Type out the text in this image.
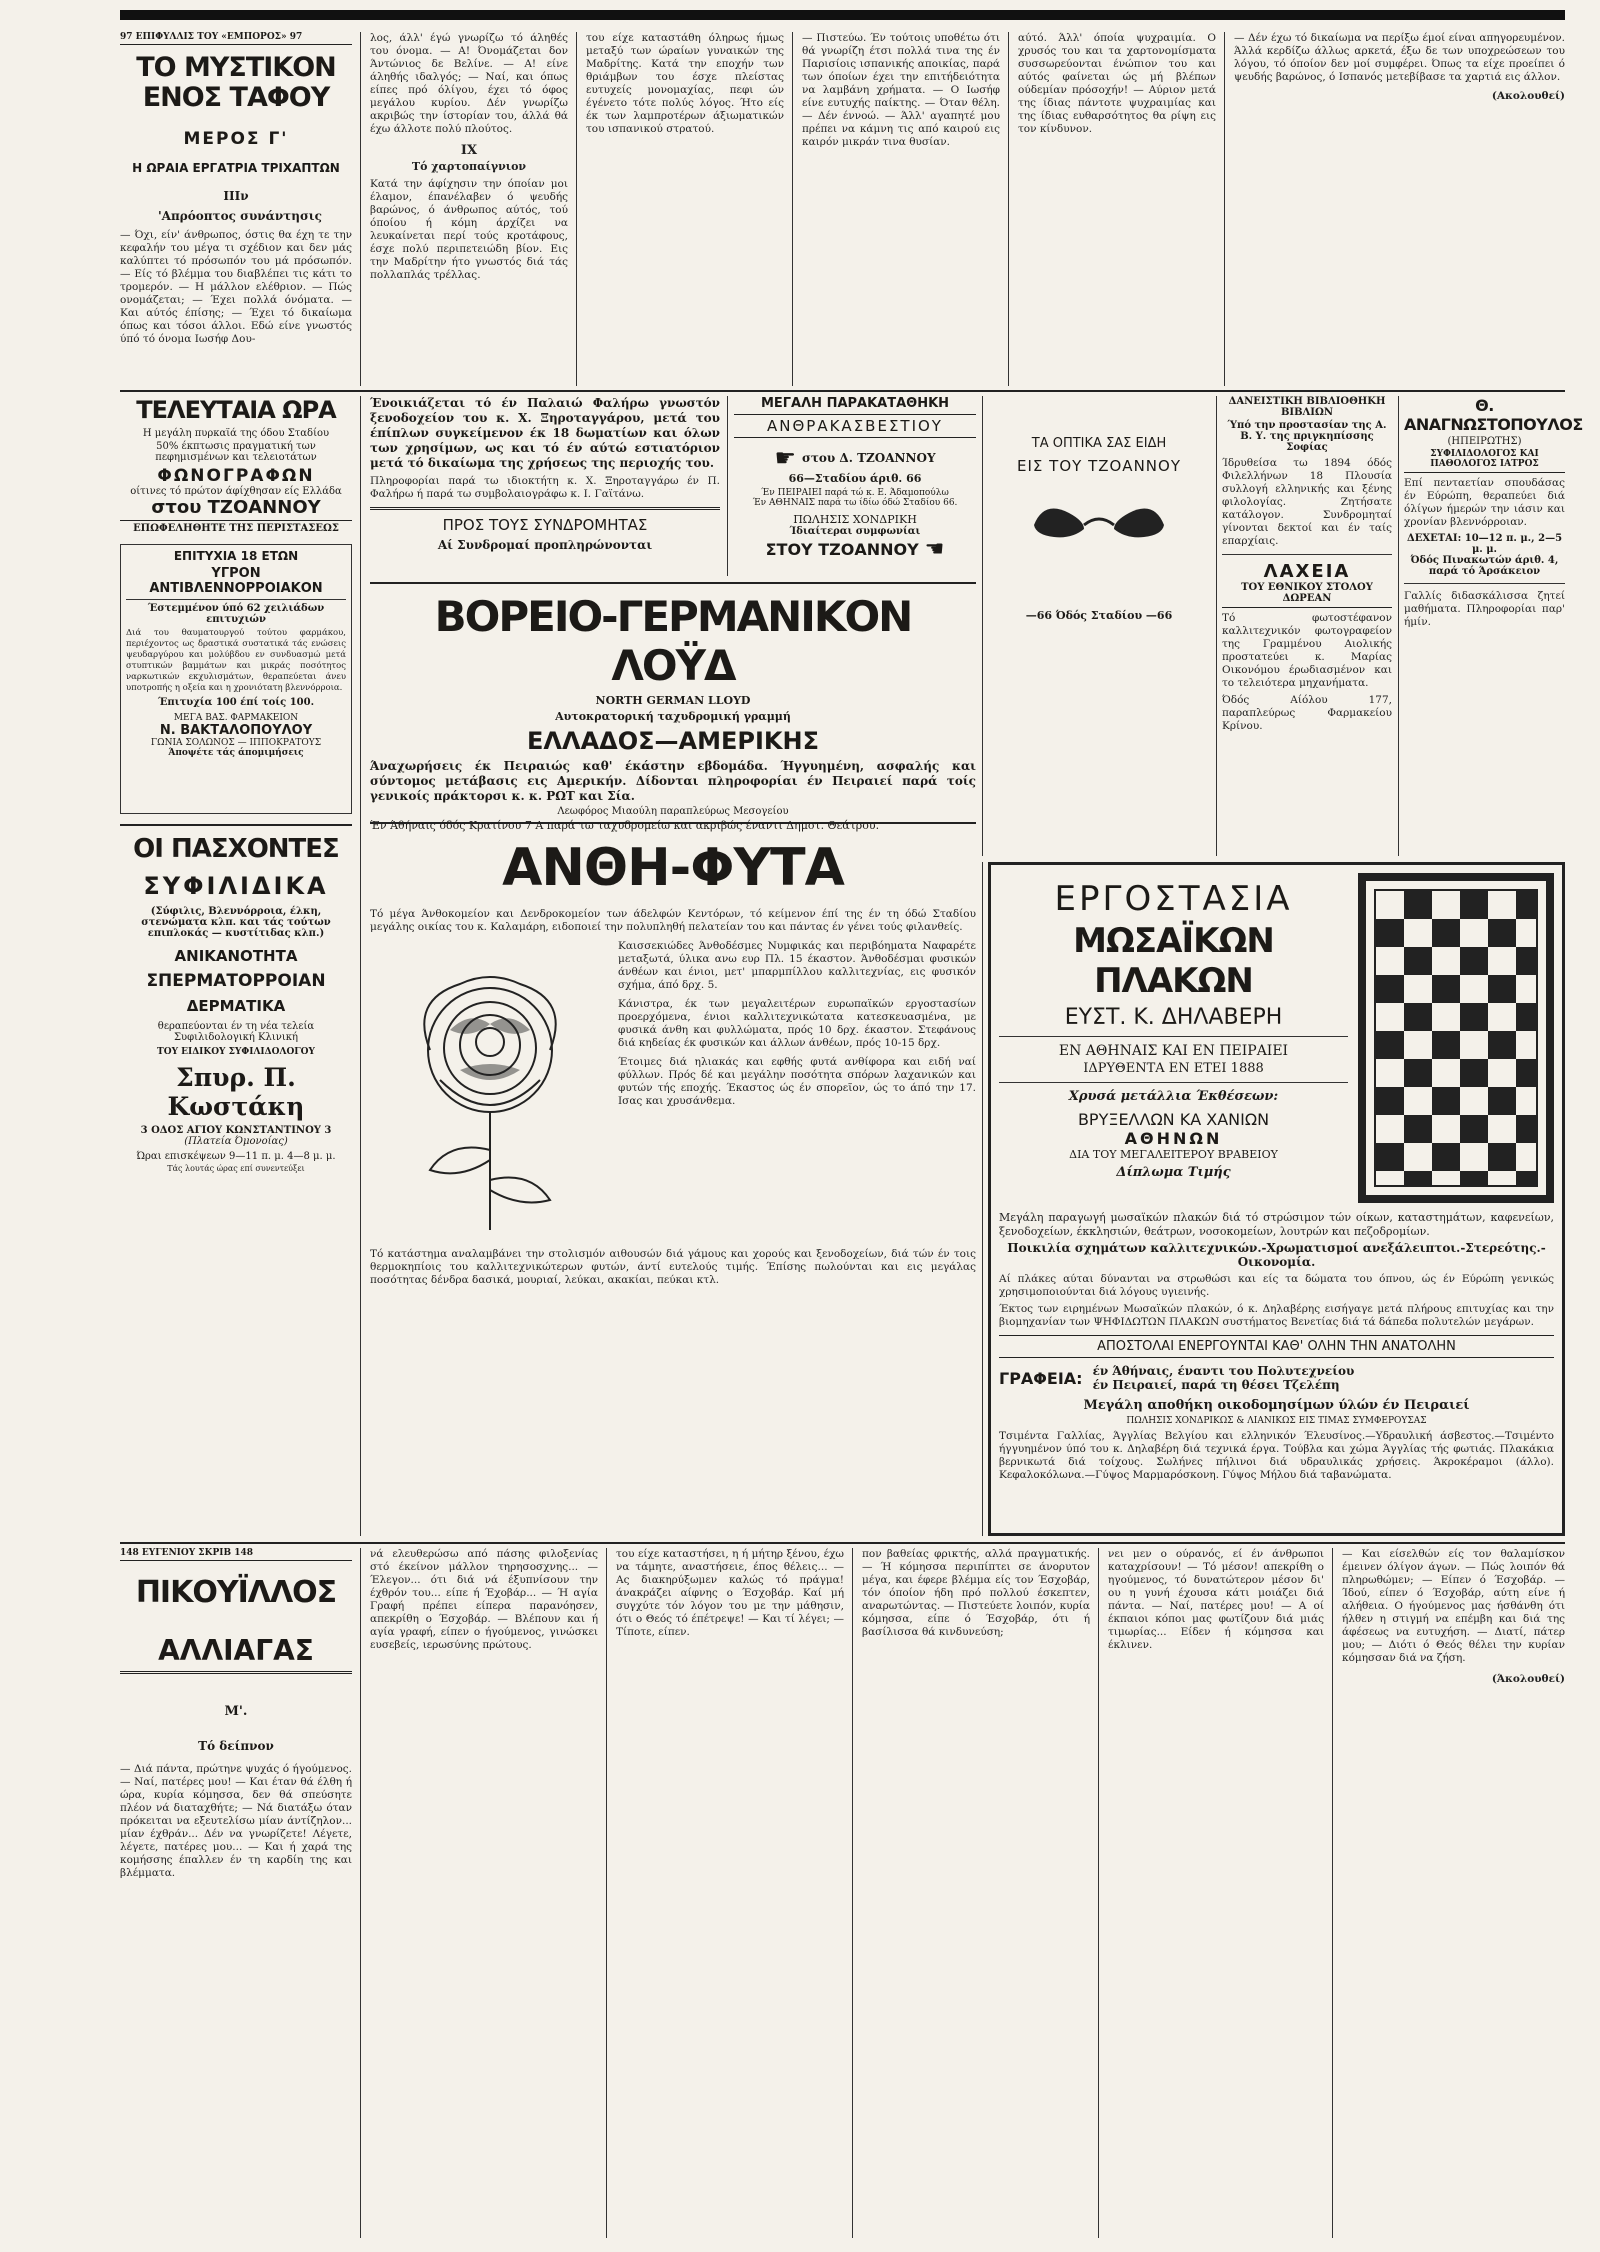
97 ΕΠΙΦΥΛΛΙΣ ΤΟΥ «ΕΜΠΟΡΟΣ» 97
ΤΟ ΜΥΣΤΙΚΟΝ ΕΝΟΣ ΤΑΦΟΥ
ΜΕΡΟΣ Γ'
Η ΩΡΑΙΑ ΕΡΓΑΤΡΙΑ ΤΡΙΧΑΠΤΩΝ
ΙΙΙν
'Απρόοπτος συνάντησις
— Όχι, είν' άνθρωπος, όστις θα έχη τε την κεφαλήν του μέγα τι σχέδιον και δεν μάς καλύπτει τό πρόσωπόν του μά πρόσωπόν. — Είς τό βλέμμα του διαβλέπει τις κάτι το τρομερόν. — Η μάλλον ελέθριον. — Πώς ονομάζεται; — Έχει πολλά όνόματα. — Και αύτός έπίσης; — Έχει τό δικαίωμα όπως και τόσοι άλλοι. Εδώ είνε γνωστός ύπό τό όνομα Ιωσήφ Δου-
λος, άλλ' έγώ γνωρίζω τό άληθές του όνομα. — Α! Όνομάζεται δον Άντώνιος δε Βελίνε. — Α! είνε άληθής ιδαλγός; — Ναί, και όπως είπες πρό όλίγου, έχει τό όφος μεγάλου κυρίου. Δέν γνωρίζω ακριβώς την ίστορίαν του, άλλά θά έχω άλλοτε πολύ πλούτος.
ΙΧ
Τό χαρτοπαίγνιον
Κατά την άφίχησιν την όποίαν μοι έλαμον, έπανέλαβεν ό ψευδής βαρώνος, ό άνθρωπος αύτός, τού όποίου ή κόμη άρχίζει να λευκαίνεται περί τούς κροτάφους, έσχε πολύ περιπετειώδη βίον. Εις την Μαδρίτην ήτο γνωστός διά τάς πολλαπλάς τρέλλας.
του είχε καταστάθη όληρως ήμως μεταξύ των ώραίων γυναικών της Μαδρίτης. Κατά την εποχήν των θριάμβων του έσχε πλείστας ευτυχείς μονομαχίας, πεφι ών έγένετο τότε πολύς λόγος. Ήτο είς έκ των λαμπροτέρων άξιωματικών του ισπανικού στρατού.
— Πιστεύω. Έν τούτοις υποθέτω ότι θά γνωρίζη έτσι πολλά τινα της έν Παρισίοις ισπανικής αποικίας, παρά των όποίων έχει την επιτήδειότητα να λαμβάνη χρήματα. — Ο Ιωσήφ είνε ευτυχής παίκτης. — Όταν θέλη. — Δέν έννοώ. — Άλλ' αγαπητέ μου πρέπει να κάμνη τις από καιρού εις καιρόν μικράν τινα θυσίαν.
αύτό. Άλλ' όποία ψυχραιμία. Ο χρυσός του και τα χαρτονομίσματα συσσωρεύονται ένώπιον του και αύτός φαίνεται ώς μή βλέπων ούδεμίαν πρόσοχήν! — Αύριον μετά της ίδιας πάντοτε ψυχραιμίας και της ίδιας ευθαρσότητος θα ρίψη εις τον κίνδυνον.
— Δέν έχω τό δικαίωμα να περίξω έμοί είναι απηγορευμένον. Άλλά κερδίζω άλλως αρκετά, έξω δε των υποχρεώσεων του λόγου, τό όποίον δεν μοί συμφέρει. Όπως τα είχε προείπει ό ψευδής βαρώνος, ό Ισπανός μετεβίβασε τα χαρτιά εις άλλον.
(Ακολουθεί)
ΤΕΛΕΥΤΑΙΑ ΩΡΑ
Η μεγάλη πυρκαϊά της όδου Σταδίου
50% έκπτωσις πραγματική των πεφημισμένων και τελειοτάτων
ΦΩΝΟΓΡΑΦΩΝ
οίτινες τό πρώτον άφίχθησαν είς Ελλάδα
στου ΤΖΟΑΝΝΟΥ
ΕΠΩΦΕΛΗΘΗΤΕ ΤΗΣ ΠΕΡΙΣΤΑΣΕΩΣ
ΕΠΙΤΥΧΙΑ 18 ΕΤΩΝ
ΥΓΡΟΝ ΑΝΤΙΒΛΕΝΝΟΡΡΟΙΑΚΟΝ
Έστεμμένον ύπό 62 χειλιάδων επιτυχιών
Διά του θαυματουργού τούτου φαρμάκου, περιέχοντος ως δραστικά συστατικά τάς ενώσεις ψευδαργύρου και μολύβδου εν συνδυασμώ μετά στυπτικών βαμμάτων και μικράς ποσότητος ναρκωτικών εκχυλισμάτων, θεραπεύεται άνευ υποτροπής η οξεία και η χρονιότατη βλεννόρροια.
Έπιτυχία 100 έπί τοίς 100.
ΜΕΓΑ ΒΑΣ. ΦΑΡΜΑΚΕΙΟΝ
Ν. ΒΑΚΤΑΛΟΠΟΥΛΟΥ
ΓΩΝΙΑ ΣΟΛΩΝΟΣ — ΙΠΠΟΚΡΑΤΟΥΣ
Άποψέτε τάς άπομιμήσεις
ΟΙ ΠΑΣΧΟΝΤΕΣ
ΣΥΦΙΛΙΔΙΚΑ
(Σύφιλις, Βλεννόρροια, έλκη, στενώματα κλπ. και τάς τούτων επιπλοκάς — κυστίτιδας κλπ.)
ΑΝΙΚΑΝΟΤΗΤΑ
ΣΠΕΡΜΑΤΟΡΡΟΙΑΝ
ΔΕΡΜΑΤΙΚΑ
θεραπεύονται έν τη νέα τελεία Συφιλιδολογική Κλινική
ΤΟΥ ΕΙΔΙΚΟΥ ΣΥΦΙΛΙΔΟΛΟΓΟΥ
Σπυρ. Π. Κωστάκη
3 ΟΔΟΣ ΑΓΙΟΥ ΚΩΝΣΤΑΝΤΙΝΟΥ 3
(Πλατεία Όμονοίας)
Ώραι επισκέψεων 9—11 π. μ. 4—8 μ. μ.
Τάς λουτάς ώρας επί συνεντεύξει
Ένοικιάζεται τό έν Παλαιώ Φαλήρω γνωστόν ξενοδοχείον του κ. Χ. Ξηροταγγάρου, μετά του έπίπλων συγκείμενον έκ 18 δωματίων και όλων των χρησίμων, ως και τό έν αύτώ εστιατόριον μετά τό δικαίωμα της χρήσεως της περιοχής του.
Πληροφορίαι παρά τω ιδιοκτήτη κ. Χ. Ξηροταγγάρω έν Π. Φαλήρω ή παρά τω συμβολαιογράφω κ. Ι. Γαϊτάνω.
ΠΡΟΣ ΤΟΥΣ ΣΥΝΔΡΟΜΗΤΑΣ
Αί Συνδρομαί προπληρώνονται
ΜΕΓΑΛΗ ΠΑΡΑΚΑΤΑΘΗΚΗ
ΑΝΘΡΑΚΑΣΒΕΣΤΙΟΥ
☛ στου Δ. ΤΖΟΑΝΝΟΥ
66—Σταδίου άριθ. 66
Έν ΠΕΙΡΑΙΕΙ παρά τώ κ. Ε. Άδαμοπούλω
Έν ΑΘΗΝΑΙΣ παρά τω ίδίω όδώ Σταδίου 66.
ΠΩΛΗΣΙΣ ΧΟΝΔΡΙΚΗ
Ίδιαίτεραι συμφωνίαι
ΣΤΟΥ ΤΖΟΑΝΝΟΥ ☚
ΤΑ ΟΠΤΙΚΑ ΣΑΣ ΕΙΔΗ
ΕΙΣ ΤΟΥ ΤΖΟΑΝΝΟΥ
—66 Όδός Σταδίου —66
ΔΑΝΕΙΣΤΙΚΗ ΒΙΒΛΙΟΘΗΚΗ ΒΙΒΛΙΩΝ
Ύπό την προστασίαν της Α. Β. Υ. της πριγκηπίσσης Σοφίας
Ίδρυθείσα τω 1894 όδός Φιλελλήνων 18 Πλουσία συλλογή ελληνικής και ξένης φιλολογίας. Ζητήσατε κατάλογον. Συνδρομηταί γίνονται δεκτοί και έν ταίς επαρχίαις.
ΛΑΧΕΙΑ
ΤΟΥ ΕΘΝΙΚΟΥ ΣΤΟΛΟΥ ΔΩΡΕΑΝ
Τό φωτοστέφανον καλλιτεχνικόν φωτογραφείον της Γραμμένου Αιολικής προστατεύει κ. Μαρίας Οικονόμου έρωδιασμένον και το τελειότερα μηχανήματα.
Όδός Αίόλου 177, παραπλεύρως Φαρμακείου Κρίνου.
Θ. ΑΝΑΓΝΩΣΤΟΠΟΥΛΟΣ
(ΗΠΕΙΡΩΤΗΣ)
ΣΥΦΙΛΙΔΟΛΟΓΟΣ ΚΑΙ ΠΑΘΟΛΟΓΟΣ ΙΑΤΡΟΣ
Επί πενταετίαν σπουδάσας έν Εύρώπη, θεραπεύει διά όλίγων ήμερών την ιάσιν και χρονίαν βλεννόρροιαν.
ΔΕΧΕΤΑΙ: 10—12 π. μ., 2—5 μ. μ.
Όδός Πινακωτών άριθ. 4, παρά τό Άρσάκειον
Γαλλίς διδασκάλισσα ζητεί μαθήματα. Πληροφορίαι παρ' ήμίν.
ΒΟΡΕΙΟ-ΓΕΡΜΑΝΙΚΟΝ ΛΟΫΔ
NORTH GERMAN LLOYD
Αυτοκρατορική ταχυδρομική γραμμή
ΕΛΛΑΔΟΣ—ΑΜΕΡΙΚΗΣ
Άναχωρήσεις έκ Πειραιώς καθ' έκάστην εβδομάδα. Ήγγυημένη, ασφαλής και σύντομος μετάβασις εις Αμερικήν. Δίδονται πληροφορίαι έν Πειραιεί παρά τοίς γενικοίς πράκτορσι κ. κ. ΡΩΤ και Σία.
Λεωφόρος Μιαούλη παραπλεύρως Μεσογείου
Έν Άθήναις όδός Κρατίνου 7 Α παρά τω ταχυδρομείω και ακριβώς έναντι Δημοτ. Θεάτρου.
ΑΝΘΗ-ΦΥΤΑ
Τό μέγα Άνθοκομείον και Δενδροκομείον των άδελφών Κεντόρων, τό κείμενον έπί της έν τη όδώ Σταδίου μεγάλης οικίας του κ. Καλαμάρη, ειδοποιεί την πολυπληθή πελατείαν του και πάντας έν γένει τούς φιλανθείς.
Καισσεκιώδες Άνθοδέσμες Νυμφικάς και περιβόηματα Ναφαρέτε μεταξωτά, ύλικα ανω ευρ Πλ. 15 έκαστον. Άνθοδέσμαι φυσικών άνθέων και ένιοι, μετ' μπαρμπίλλου καλλιτεχνίας, εις φυσικόν σχήμα, άπό δρχ. 5.
Κάνιστρα, έκ των μεγαλειτέρων ευρωπαϊκών εργοστασίων προερχόμενα, ένιοι καλλιτεχνικώτατα κατεσκευασμένα, με φυσικά άνθη και φυλλώματα, πρός 10 δρχ. έκαστον. Στεφάνους διά κηδείας έκ φυσικών και άλλων άνθέων, πρός 10-15 δρχ.
Έτοιμες διά ηλιακάς και εφθής φυτά ανθίφορα και ειδή ναί φύλλων. Πρός δέ και μεγάλην ποσότητα σπόρων λαχανικών και φυτών τής εποχής. Έκαστος ώς έν σπορεῖον, ώς το άπό την 17. Ισας και χρυσάνθεμα.
Τό κατάστημα αναλαμβάνει την στολισμόν αιθουσών διά γάμους και χορούς και ξενοδοχείων, διά τών έν τοις θερμοκηπίοις του καλλιτεχνικώτερων φυτών, άντί ευτελούς τιμής. Έπίσης πωλούνται και εις μεγάλας ποσότητας δένδρα δασικά, μουριαί, λεύκαι, ακακίαι, πεύκαι κτλ.
ΕΡΓΟΣΤΑΣΙΑ
ΜΩΣΑΪΚΩΝ ΠΛΑΚΩΝ
ΕΥΣΤ. Κ. ΔΗΛΑΒΕΡΗ
ΕΝ ΑΘΗΝΑΙΣ ΚΑΙ ΕΝ ΠΕΙΡΑΙΕΙ
ΙΔΡΥΘΕΝΤΑ ΕΝ ΕΤΕΙ 1888
Χρυσά μετάλλια Έκθέσεων:
ΒΡΥΞΕΛΛΩΝ ΚΑ ΧΑΝΙΩΝ
ΑΘΗΝΩΝ
ΔΙΑ ΤΟΥ ΜΕΓΑΛΕΙΤΕΡΟΥ ΒΡΑΒΕΙΟΥ
Δίπλωμα Τιμής
Μεγάλη παραγωγή μωσαϊκών πλακών διά τό στρώσιμον τών οίκων, καταστημάτων, καφενείων, ξενοδοχείων, έκκλησιών, θεάτρων, νοσοκομείων, λουτρών και πεζοδρομίων.
Ποικιλία σχημάτων καλλιτεχνικών.-Χρωματισμοί ανεξάλειπτοι.-Στερεότης.-Οικονομία.
Αί πλάκες αύται δύνανται να στρωθώσι και είς τα δώματα του όπνου, ώς έν Εύρώπη γενικώς χρησιμοποιούνται διά λόγους υγιεινής.
Έκτος των ειρημένων Μωσαϊκών πλακών, ό κ. Δηλαβέρης εισήγαγε μετά πλήρους επιτυχίας και την βιομηχανίαν των ΨΗΦΙΔΩΤΩΝ ΠΛΑΚΩΝ συστήματος Βενετίας διά τά δάπεδα πολυτελών μεγάρων.
ΑΠΟΣΤΟΛΑΙ ΕΝΕΡΓΟΥΝΤΑΙ ΚΑΘ' ΟΛΗΝ ΤΗΝ ΑΝΑΤΟΛΗΝ
ΓΡΑΦΕΙΑ: έν Άθήναις, έναντι του Πολυτεχνείου
έν Πειραιεί, παρά τη θέσει Τζελέπη
Μεγάλη αποθήκη οικοδομησίμων ύλών έν Πειραιεί
ΠΩΛΗΣΙΣ ΧΟΝΔΡΙΚΩΣ & ΛΙΑΝΙΚΩΣ ΕΙΣ ΤΙΜΑΣ ΣΥΜΦΕΡΟΥΣΑΣ
Τσιμέντα Γαλλίας, Άγγλίας Βελγίου και ελληνικόν Έλευσίνος.—Υδραυλική άσβεστος.—Τσιμέντο ήγγυημένον ύπό του κ. Δηλαβέρη διά τεχνικά έργα. Τούβλα και χώμα Άγγλίας τής φωτιάς. Πλακάκια βερνικωτά διά τοίχους. Σωλήνες πήλινοι διά υδραυλικάς χρήσεις. Άκροκέραμοι (άλλο). Κεφαλοκόλωνα.—Γύψος Μαρμαρόσκονη. Γύψος Μήλου διά ταβανώματα.
148 ΕΥΓΕΝΙΟΥ ΣΚΡΙΒ 148
ΠΙΚΟΥΪΛΛΟΣ
ΑΛΛΙΑΓΑΣ
Μ'.
Τό δείπνον
— Διά πάντα, πρώτηνε ψυχάς ό ήγούμενος. — Ναί, πατέρες μου! — Και έταν θά έλθη ή ώρα, κυρία κόμησσα, δεν θά σπεύσητε πλέον νά διαταχθήτε; — Νά διατάξω όταν πρόκειται να εξευτελίσω μίαν άντίζηλον... μίαν έχθράν... Δέν να γνωρίζετε! Λέγετε, λέγετε, πατέρες μου... — Και ή χαρά της κομήσσης έπαλλεν έν τη καρδίη της και βλέμματα.
νά ελευθερώσω από πάσης φιλοξενίας στό έκείνον μάλλον τηρησοσχνης... — Έλεγον... ότι διά νά έξυπνίσουν την έχθρόν του... είπε ή Έχοβάρ... — Ή αγία Γραφή πρέπει είπερα παρανόησεν, απεκρίθη ο Έσχοβάρ. — Βλέπουν και ή αγία γραφή, είπεν ο ήγούμενος, γινώσκει ευσεβείς, ιερωσύνης πρώτους.
του είχε καταστήσει, η ή μήτηρ ξένου, έχω να τάμητε, αναστήσειε, έπος θέλεις... — Ας διακηρύξωμεν καλώς τό πράγμα! άνακράζει αίφνης ο Έσχοβάρ. Καί μή συγχύτε τόν λόγον του με την μάθησιν, ότι ο Θεός τό έπέτρεψε! — Και τί λέγει; — Τίποτε, είπεν.
πον βαθείας φρικτής, αλλά πραγματικής. — Ή κόμησσα περιπίπτει σε άνορυτον μέγα, και έφερε βλέμμα είς τον Έσχοβάρ, τόν όποίον ήδη πρό πολλού έσκεπτεν, αναρωτώντας. — Πιστεύετε λοιπόν, κυρία κόμησσα, είπε ό Έσχοβάρ, ότι ή βασίλισσα θά κινδυνεύση;
νει μεν ο ούρανός, εί έν άνθρωποι καταχρίσουν! — Τό μέσον! απεκρίθη ο ηγούμενος, τό δυνατώτερον μέσον δι' ου η γυνή έχουσα κάτι μοιάζει διά πάντα. — Ναί, πατέρες μου! — Α οί έκπαιοι κόποι μας φωτίζουν διά μιάς τιμωρίας... Είδεν ή κόμησσα και έκλινεν.
— Και είσελθών είς τον θαλαμίσκον έμεινεν όλίγον άγων. — Πώς λοιπόν θά πληρωθώμεν; — Είπεν ό Έσχοβάρ. — Ίδού, είπεν ό Έσχοβάρ, αύτη είνε ή αλήθεια. Ο ήγούμενος μας ήσθάνθη ότι ήλθεν η στιγμή να επέμβη και διά της άφέσεως να ευτυχήση. — Διατί, πάτερ μου; — Διότι ό Θεός θέλει την κυρίαν κόμησσαν διά να ζήση.
(Άκολουθεί)
